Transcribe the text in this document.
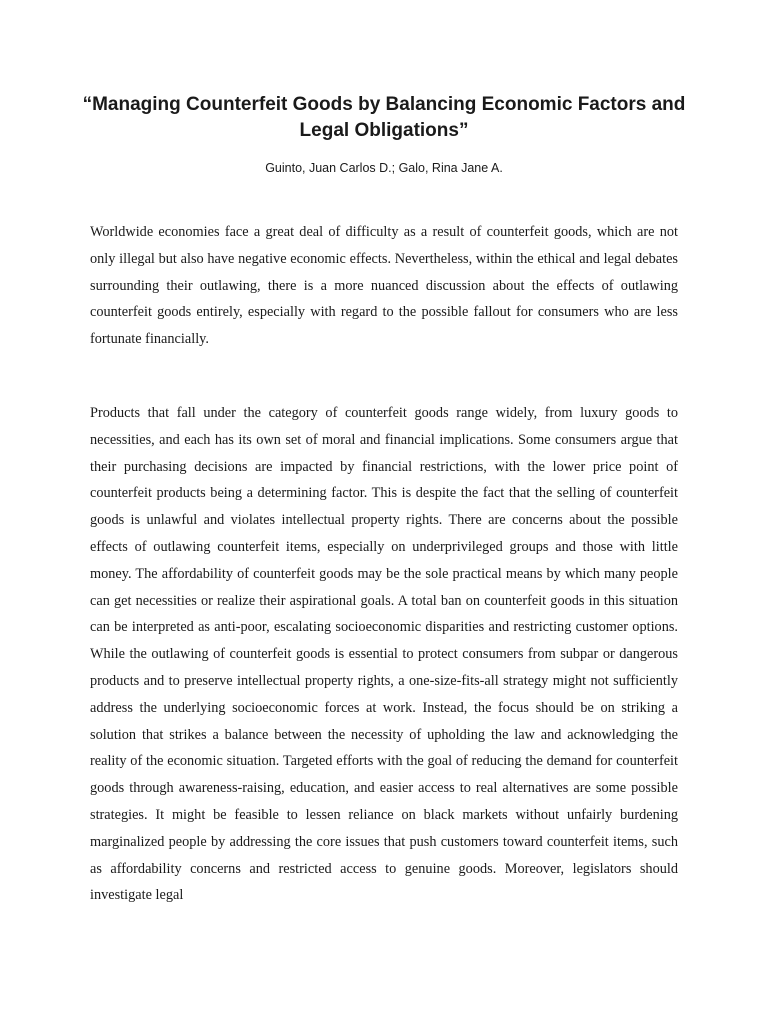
“Managing Counterfeit Goods by Balancing Economic Factors and Legal Obligations”

Guinto, Juan Carlos D.; Galo, Rina Jane A.

Worldwide economies face a great deal of difficulty as a result of counterfeit goods, which are not only illegal but also have negative economic effects. Nevertheless, within the ethical and legal debates surrounding their outlawing, there is a more nuanced discussion about the effects of outlawing counterfeit goods entirely, especially with regard to the possible fallout for consumers who are less fortunate financially.

Products that fall under the category of counterfeit goods range widely, from luxury goods to necessities, and each has its own set of moral and financial implications. Some consumers argue that their purchasing decisions are impacted by financial restrictions, with the lower price point of counterfeit products being a determining factor. This is despite the fact that the selling of counterfeit goods is unlawful and violates intellectual property rights. There are concerns about the possible effects of outlawing counterfeit items, especially on underprivileged groups and those with little money. The affordability of counterfeit goods may be the sole practical means by which many people can get necessities or realize their aspirational goals. A total ban on counterfeit goods in this situation can be interpreted as anti-poor, escalating socioeconomic disparities and restricting customer options. While the outlawing of counterfeit goods is essential to protect consumers from subpar or dangerous products and to preserve intellectual property rights, a one-size-fits-all strategy might not sufficiently address the underlying socioeconomic forces at work. Instead, the focus should be on striking a solution that strikes a balance between the necessity of upholding the law and acknowledging the reality of the economic situation. Targeted efforts with the goal of reducing the demand for counterfeit goods through awareness-raising, education, and easier access to real alternatives are some possible strategies. It might be feasible to lessen reliance on black markets without unfairly burdening marginalized people by addressing the core issues that push customers toward counterfeit items, such as affordability concerns and restricted access to genuine goods. Moreover, legislators should investigate legal
